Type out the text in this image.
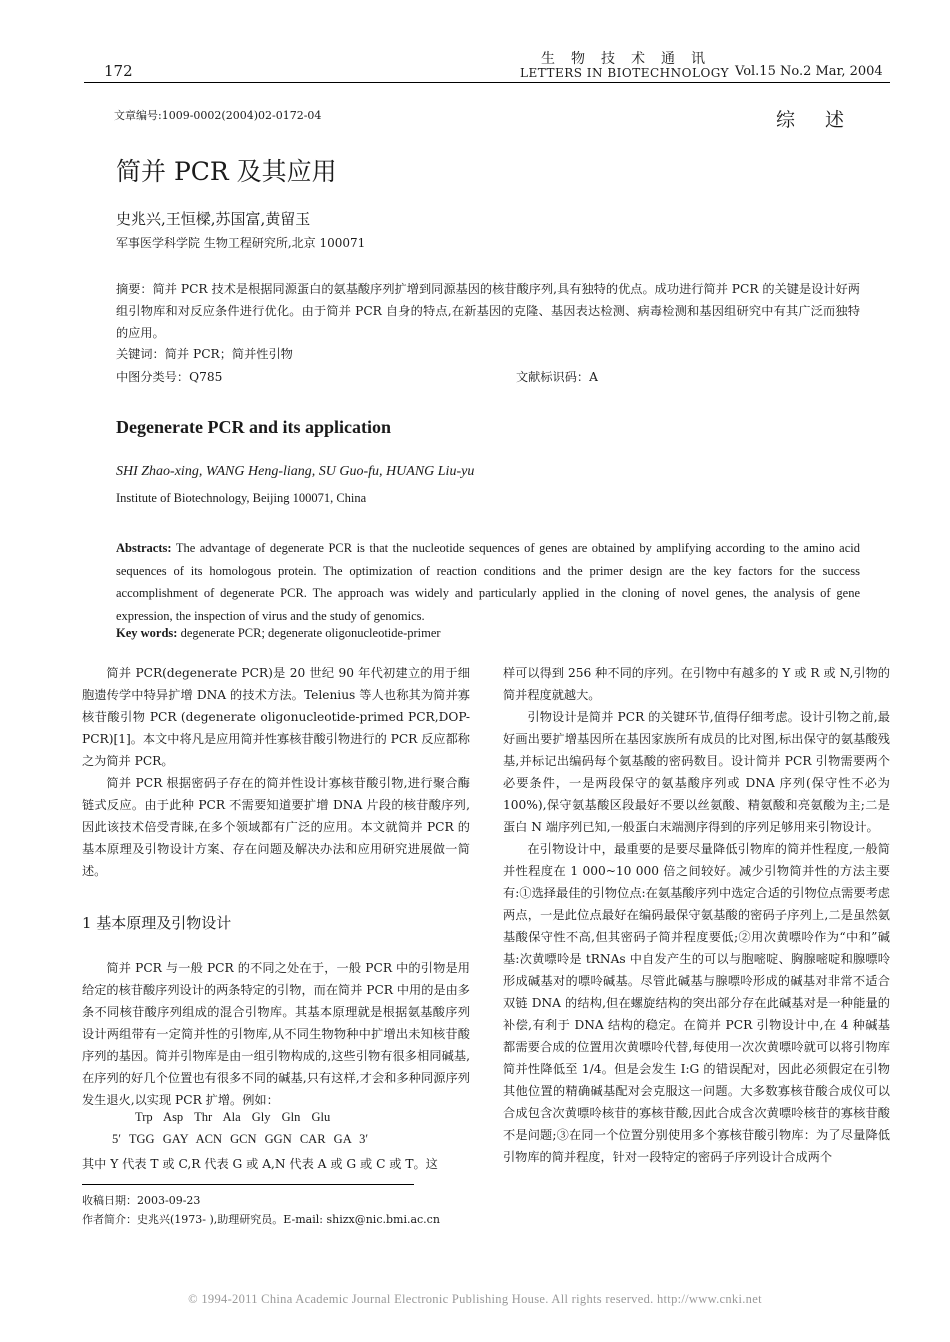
172
生物技术通讯
LETTERS IN BIOTECHNOLOGY Vol.15 No.2 Mar, 2004
文章编号:1009-0002(2004)02-0172-04	综述
简并 PCR 及其应用
史兆兴,王恒樑,苏国富,黄留玉
军事医学科学院 生物工程研究所,北京 100071
摘要：简并 PCR 技术是根据同源蛋白的氨基酸序列扩增到同源基因的核苷酸序列,具有独特的优点。成功进行简并 PCR 的关键是设计好两组引物库和对反应条件进行优化。由于简并 PCR 自身的特点,在新基因的克隆、基因表达检测、病毒检测和基因组研究中有其广泛而独特的应用。
关键词：简并 PCR；简并性引物
中图分类号：Q785	文献标识码：A
Degenerate PCR and its application
SHI Zhao-xing, WANG Heng-liang, SU Guo-fu, HUANG Liu-yu
Institute of Biotechnology, Beijing 100071, China
Abstracts: The advantage of degenerate PCR is that the nucleotide sequences of genes are obtained by amplifying according to the amino acid sequences of its homologous protein. The optimization of reaction conditions and the primer design are the key factors for the success accomplishment of degenerate PCR. The approach was widely and particularly applied in the cloning of novel genes, the analysis of gene expression, the inspection of virus and the study of genomics.
Key words: degenerate PCR; degenerate oligonucleotide-primer

简并 PCR(degenerate PCR)是 20 世纪 90 年代初建立的用于细胞遗传学中特异扩增 DNA 的技术方法。Telenius 等人也称其为简并寡核苷酸引物 PCR (degenerate oligonucleotide-primed PCR,DOP-PCR)[1]。本文中将凡是应用简并性寡核苷酸引物进行的 PCR 反应都称之为简并 PCR。

简并 PCR 根据密码子存在的简并性设计寡核苷酸引物,进行聚合酶链式反应。由于此种 PCR 不需要知道要扩增 DNA 片段的核苷酸序列,因此该技术倍受青睐,在多个领域都有广泛的应用。本文就简并 PCR 的基本原理及引物设计方案、存在问题及解决办法和应用研究进展做一简述。

1 基本原理及引物设计

简并 PCR 与一般 PCR 的不同之处在于，一般 PCR 中的引物是用给定的核苷酸序列设计的两条特定的引物，而在简并 PCR 中用的是由多条不同核苷酸序列组成的混合引物库。其基本原理就是根据氨基酸序列设计两组带有一定简并性的引物库,从不同生物物种中扩增出未知核苷酸序列的基因。简并引物库是由一组引物构成的,这些引物有很多相同碱基,在序列的好几个位置也有很多不同的碱基,只有这样,才会和多种同源序列发生退火,以实现 PCR 扩增。例如：

Trp Asp Thr Ala Gly Gln Glu
5′ TGG GAY ACN GCN GGN CAR GA 3′
其中 Y 代表 T 或 C,R 代表 G 或 A,N 代表 A 或 G 或 C 或 T。这
收稿日期：2003-09-23
作者简介：史兆兴(1973- ),助理研究员。E-mail: shizx@nic.bmi.ac.cn

样可以得到 256 种不同的序列。在引物中有越多的 Y 或 R 或 N,引物的简并程度就越大。

引物设计是简并 PCR 的关键环节,值得仔细考虑。设计引物之前,最好画出要扩增基因所在基因家族所有成员的比对图,标出保守的氨基酸残基,并标记出编码每个氨基酸的密码数目。设计简并 PCR 引物需要两个必要条件，一是两段保守的氨基酸序列或 DNA 序列(保守性不必为 100%),保守氨基酸区段最好不要以丝氨酸、精氨酸和亮氨酸为主;二是蛋白 N 端序列已知,一般蛋白末端测序得到的序列足够用来引物设计。

在引物设计中，最重要的是要尽量降低引物库的简并性程度,一般简并性程度在 1 000~10 000 倍之间较好。减少引物简并性的方法主要有:①选择最佳的引物位点:在氨基酸序列中选定合适的引物位点需要考虑两点，一是此位点最好在编码最保守氨基酸的密码子序列上,二是虽然氨基酸保守性不高,但其密码子简并程度要低;②用次黄嘌呤作为“中和”碱基:次黄嘌呤是 tRNAs 中自发产生的可以与胞嘧啶、胸腺嘧啶和腺嘌呤形成碱基对的嘌呤碱基。尽管此碱基与腺嘌呤形成的碱基对非常不适合双链 DNA 的结构,但在螺旋结构的突出部分存在此碱基对是一种能量的补偿,有利于 DNA 结构的稳定。在简并 PCR 引物设计中,在 4 种碱基都需要合成的位置用次黄嘌呤代替,每使用一次次黄嘌呤就可以将引物库简并性降低至 1/4。但是会发生 I:G 的错误配对，因此必须假定在引物其他位置的精确碱基配对会克服这一问题。大多数寡核苷酸合成仪可以合成包含次黄嘌呤核苷的寡核苷酸,因此合成含次黄嘌呤核苷的寡核苷酸不是问题;③在同一个位置分别使用多个寡核苷酸引物库：为了尽量降低引物库的简并程度，针对一段特定的密码子序列设计合成两个

© 1994-2011 China Academic Journal Electronic Publishing House. All rights reserved. http://www.cnki.net
